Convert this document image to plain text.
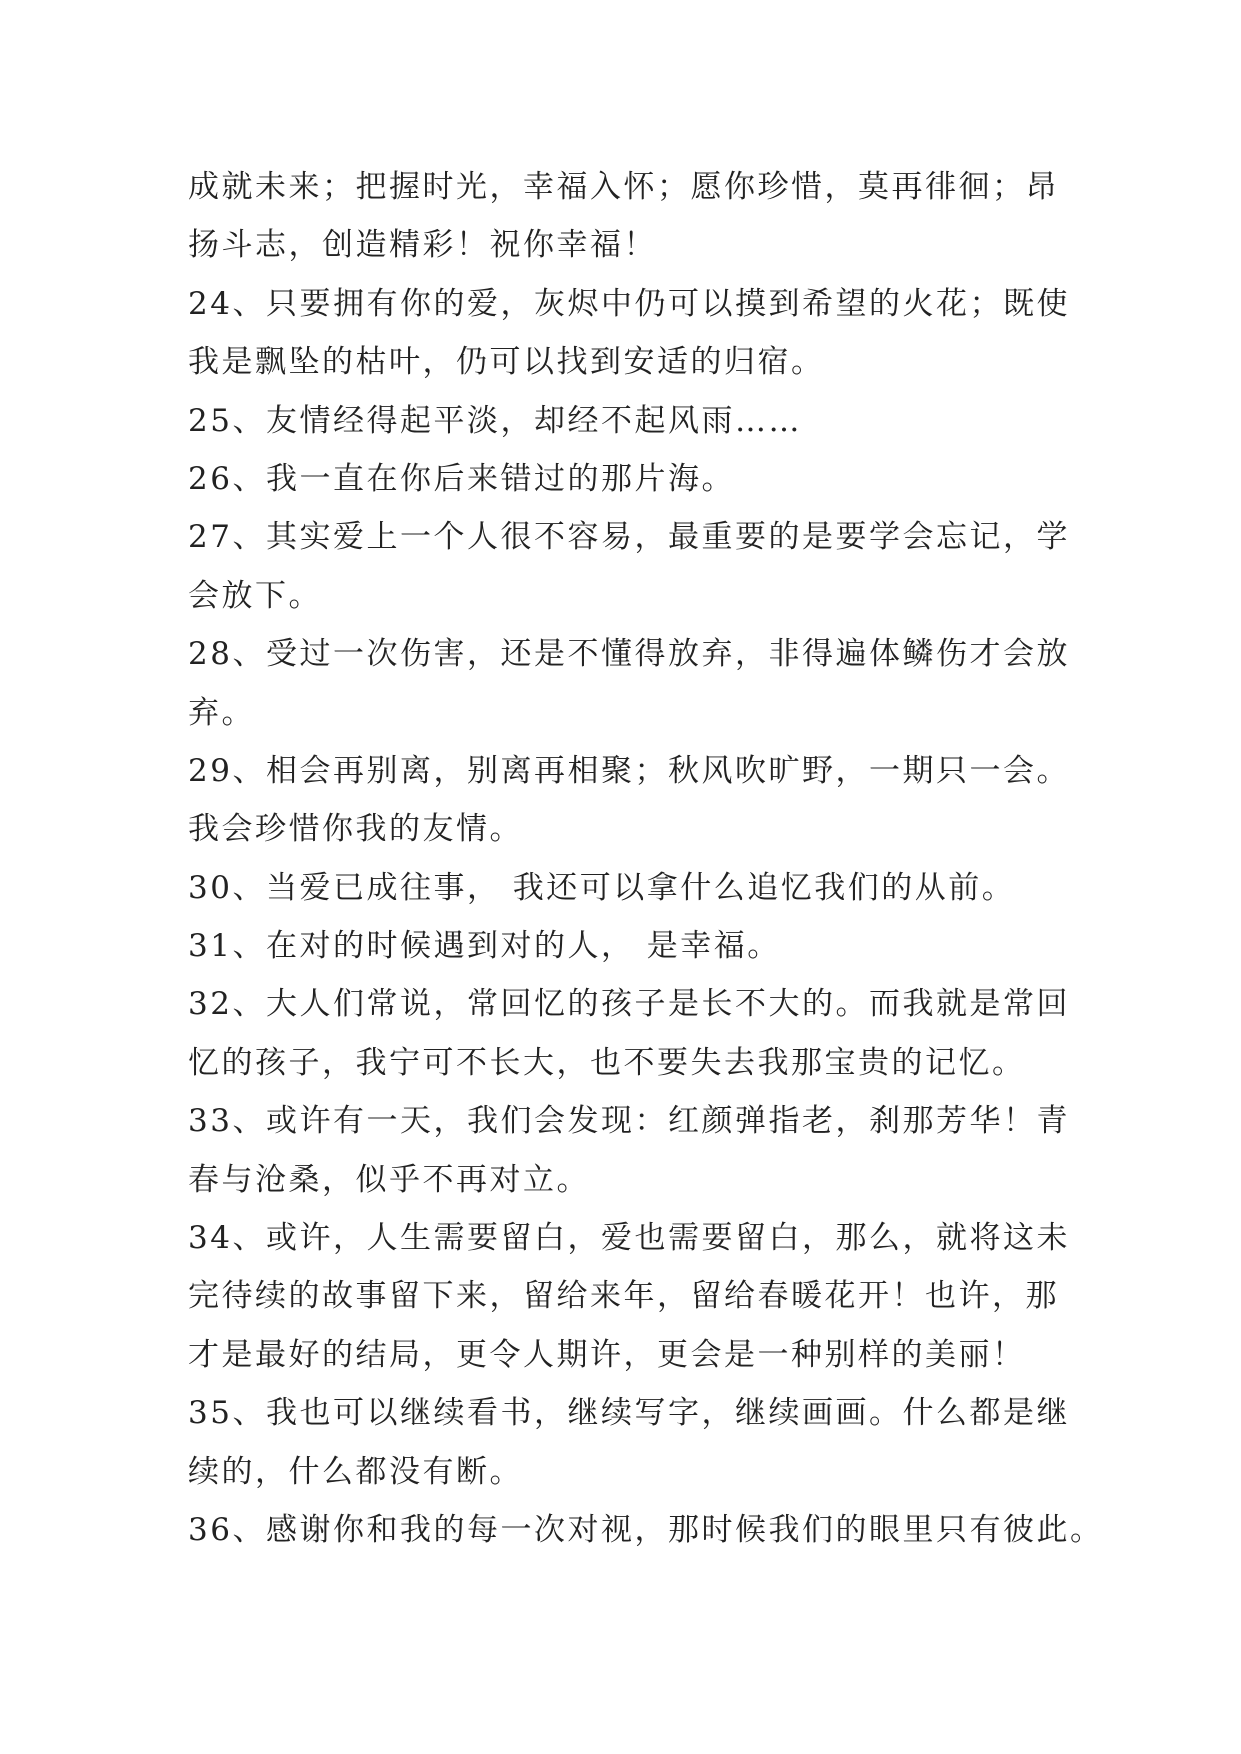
成就未来；把握时光，幸福入怀；愿你珍惜，莫再徘徊；昂
扬斗志，创造精彩！祝你幸福！
24、只要拥有你的爱，灰烬中仍可以摸到希望的火花；既使
我是飘坠的枯叶，仍可以找到安适的归宿。
25、友情经得起平淡，却经不起风雨……
26、我一直在你后来错过的那片海。
27、其实爱上一个人很不容易，最重要的是要学会忘记，学
会放下。
28、受过一次伤害，还是不懂得放弃，非得遍体鳞伤才会放
弃。
29、相会再别离，别离再相聚；秋风吹旷野，一期只一会。
我会珍惜你我的友情。
30、当爱已成往事， 我还可以拿什么追忆我们的从前。
31、在对的时候遇到对的人， 是幸福。
32、大人们常说，常回忆的孩子是长不大的。而我就是常回
忆的孩子，我宁可不长大，也不要失去我那宝贵的记忆。
33、或许有一天，我们会发现：红颜弹指老，刹那芳华！青
春与沧桑，似乎不再对立。
34、或许，人生需要留白，爱也需要留白，那么，就将这未
完待续的故事留下来，留给来年，留给春暖花开！也许，那
才是最好的结局，更令人期许，更会是一种别样的美丽！
35、我也可以继续看书，继续写字，继续画画。什么都是继
续的，什么都没有断。
36、感谢你和我的每一次对视，那时候我们的眼里只有彼此。
